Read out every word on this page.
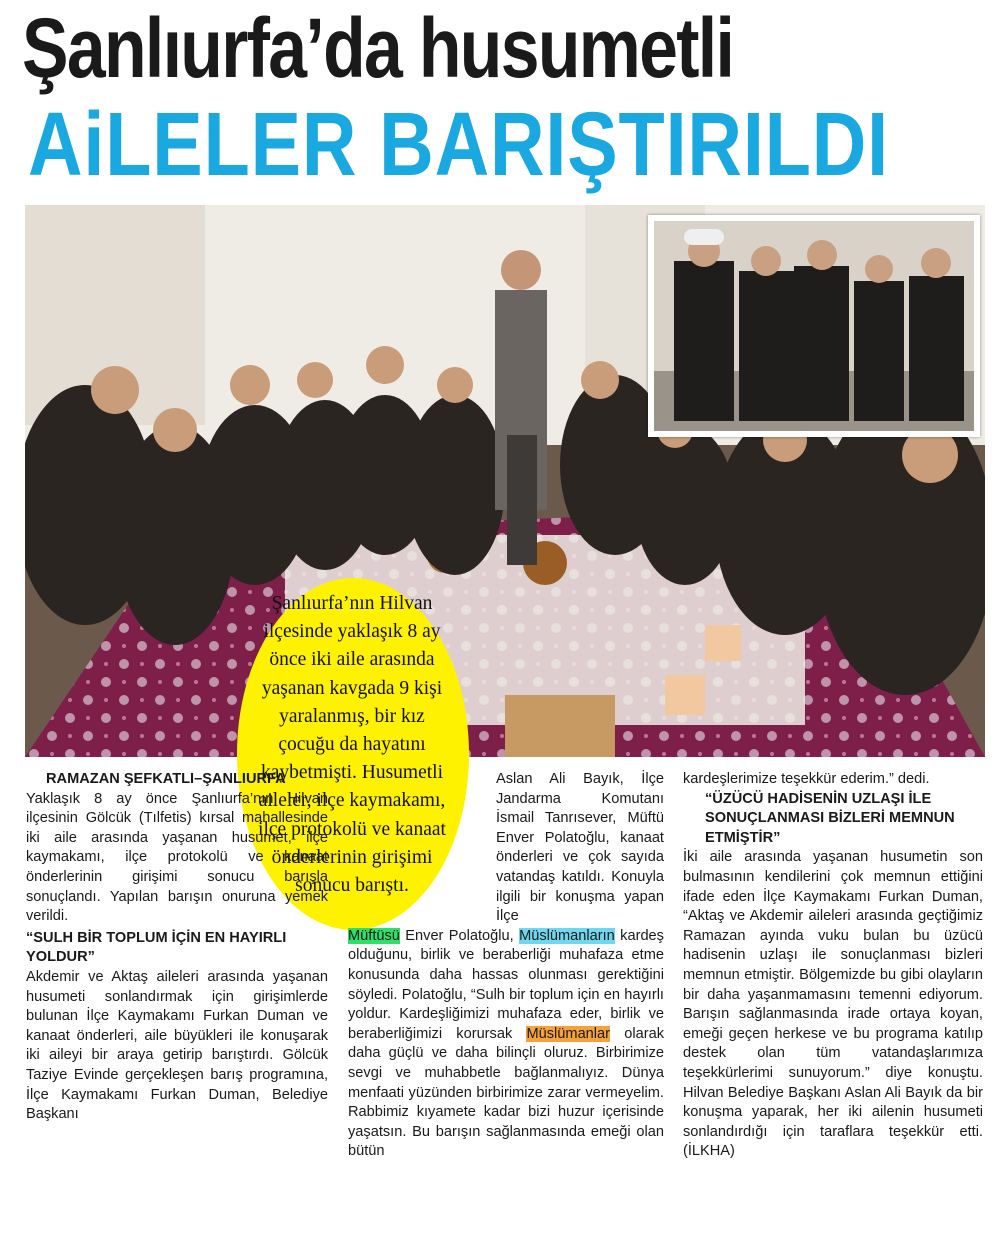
Şanlıurfa’da husumetli
AiLELER BARIŞTIRILDI
Şanlıurfa’nın Hilvan ilçesinde yaklaşık 8 ay önce iki aile arasında yaşanan kavgada 9 kişi yaralanmış, bir kız çocuğu da hayatını kaybetmişti. Husumetli aileler, ilçe kaymakamı, ilçe protokolü ve kanaat önderlerinin girişimi sonucu barıştı.

RAMAZAN ŞEFKATLI–ŞANLIURFA

Yaklaşık 8 ay önce Şanlıurfa’nın Hilvan ilçesinin Gölcük (Tılfetis) kırsal mahallesinde iki aile arasında yaşanan husumet, ilçe kaymakamı, ilçe protokolü ve kanaat önderlerinin girişimi sonucu barışla sonuçlandı. Yapılan barışın onuruna yemek verildi.

“SULH BİR TOPLUM İÇİN EN HAYIRLI YOLDUR”

Akdemir ve Aktaş aileleri arasında yaşanan husumeti sonlandırmak için girişimlerde bulunan İlçe Kaymakamı Furkan Duman ve kanaat önderleri, aile büyükleri ile konuşarak iki aileyi bir araya getirip barıştırdı. Gölcük Taziye Evinde gerçekleşen barış programına, İlçe Kaymakamı Furkan Duman, Belediye Başkanı

Aslan Ali Bayık, İlçe Jandarma Komutanı İsmail Tanrısever, Müftü Enver Polatoğlu, kanaat önderleri ve çok sayıda vatandaş katıldı. Konuyla ilgili bir konuşma yapan İlçe

Müftüsü Enver Polatoğlu, Müslümanların kardeş olduğunu, birlik ve beraberliği muhafaza etme konusunda daha hassas olunması gerektiğini söyledi. Polatoğlu, “Sulh bir toplum için en hayırlı yoldur. Kardeşliğimizi muhafaza eder, birlik ve beraberliğimizi korursak Müslümanlar olarak daha güçlü ve daha bilinçli oluruz. Birbirimize sevgi ve muhabbetle bağlanmalıyız. Dünya menfaati yüzünden birbirimize zarar vermeyelim. Rabbimiz kıyamete kadar bizi huzur içerisinde yaşatsın. Bu barışın sağlanmasında emeği olan bütün

kardeşlerimize teşekkür ederim.” dedi.

“ÜZÜCÜ HADİSENİN UZLAŞI İLE SONUÇLANMASI BİZLERİ MEMNUN ETMİŞTİR”

İki aile arasında yaşanan husumetin son bulmasının kendilerini çok memnun ettiğini ifade eden İlçe Kaymakamı Furkan Duman, “Aktaş ve Akdemir aileleri arasında geçtiğimiz Ramazan ayında vuku bulan bu üzücü hadisenin uzlaşı ile sonuçlanması bizleri memnun etmiştir. Bölgemizde bu gibi olayların bir daha yaşanmamasını temenni ediyorum. Barışın sağlanmasında irade ortaya koyan, emeği geçen herkese ve bu programa katılıp destek olan tüm vatandaşlarımıza teşekkürlerimi sunuyorum.” diye konuştu. Hilvan Belediye Başkanı Aslan Ali Bayık da bir konuşma yaparak, her iki ailenin husumeti sonlandırdığı için taraflara teşekkür etti. (İLKHA)
